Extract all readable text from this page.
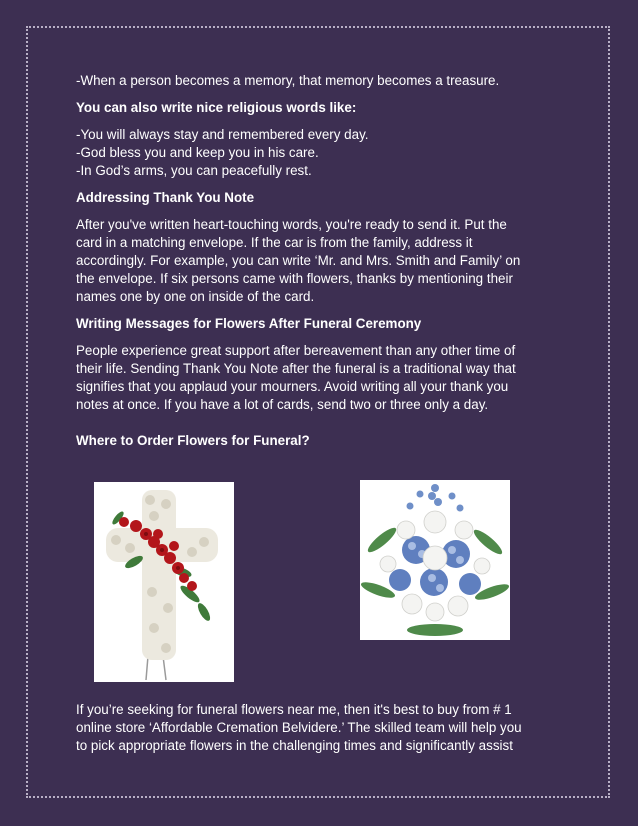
-When a person becomes a memory, that memory becomes a treasure.

You can also write nice religious words like:

-You will always stay and remembered every day.

-God bless you and keep you in his care.

-In God’s arms, you can peacefully rest.

Addressing Thank You Note

After you've written heart-touching words, you're ready to send it. Put the

card in a matching envelope. If the car is from the family, address it

accordingly. For example, you can write ‘Mr. and Mrs. Smith and Family’ on

the envelope. If six persons came with flowers, thanks by mentioning their

names one by one on inside of the card.

Writing Messages for Flowers After Funeral Ceremony

People experience great support after bereavement than any other time of

their life. Sending Thank You Note after the funeral is a traditional way that

signifies that you applaud your mourners. Avoid writing all your thank you

notes at once. If you have a lot of cards, send two or three only a day.

Where to Order Flowers for Funeral?

If you’re seeking for funeral flowers near me, then it's best to buy from # 1

online store ‘Affordable Cremation Belvidere.’ The skilled team will help you

to pick appropriate flowers in the challenging times and significantly assist
